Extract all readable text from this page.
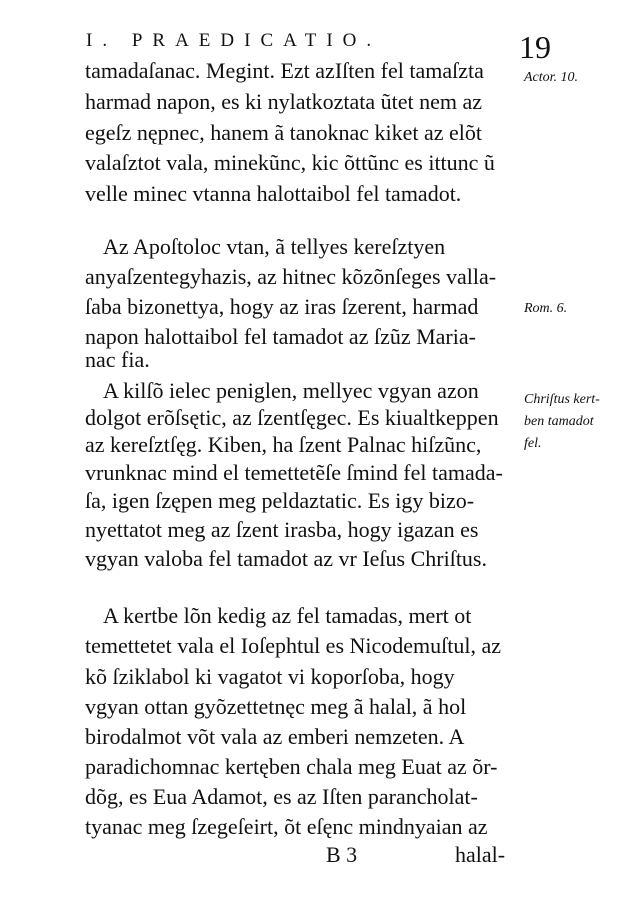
I. PRAEDICATIO.	19
tamadaſanac. Megint. Ezt azIſten fel tamaſzta
harmad napon, es ki nylatkoztata ũtet nem az
egeſz nępnec, hanem ã tanoknac kiket az elõt
valaſztot vala, minekũnc, kic õttũnc es ittunc ũ
velle minec vtanna halottaibol fel tamadot.
Az Apoſtoloc vtan, ã tellyes kereſztyen
anyaſzentegyhazis, az hitnec kõzõnſeges valla-
ſaba bizonettya, hogy az iras ſzerent, harmad
napon halottaibol fel tamadot az ſzũz Maria-
nac fia.
A kilſõ ielec peniglen, mellyec vgyan azon
dolgot erõſsętic, az ſzentſęgec. Es kiualtkeppen
az kereſztſęg. Kiben, ha ſzent Palnac hiſzũnc,
vrunknac mind el temettetẽſe ſmind fel tamada-
ſa, igen ſzępen meg peldaztatic. Es igy bizo-
nyettatot meg az ſzent irasba, hogy igazan es
vgyan valoba fel tamadot az vr Ieſus Chriſtus.
A kertbe lõn kedig az fel tamadas, mert ot
temettetet vala el Ioſephtul es Nicodemuſtul, az
kõ ſziklabol ki vagatot vi koporſoba, hogy
vgyan ottan gyõzettetnęc meg ã halal, ã hol
birodalmot võt vala az emberi nemzeten. A
paradichomnac kertęben chala meg Euat az õr-
dõg, es Eua Adamot, es az Iſten parancholat-
tyanac meg ſzegeſeirt, õt eſęnc mindnyaian az
Actor. 10.
Rom. 6.
Chriſtus kert-
ben tamadot
fel.
B 3	halal-
